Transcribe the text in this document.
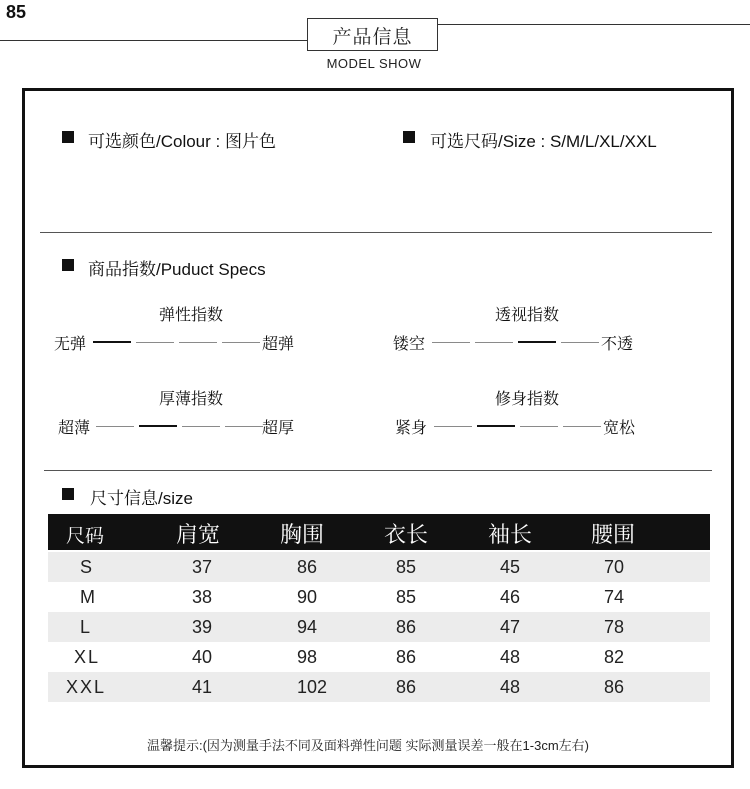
85
产品信息
MODEL SHOW
可选颜色/Colour : 图片色	可选尺码/Size : S/M/L/XL/XXL
商品指数/Puduct Specs
弹性指数
无弹	超弹
透视指数
镂空	不透
厚薄指数
超薄	超厚
修身指数
紧身	宽松
尺寸信息/size
尺码	肩宽	胸围	衣长	袖长	腰围
S	37	86	85	45	70
M	38	90	85	46	74
L	39	94	86	47	78
XL	40	98	86	48	82
XXL	41	102	86	48	86
温馨提示:(因为测量手法不同及面料弹性问题 实际测量误差一般在1-3cm左右)
